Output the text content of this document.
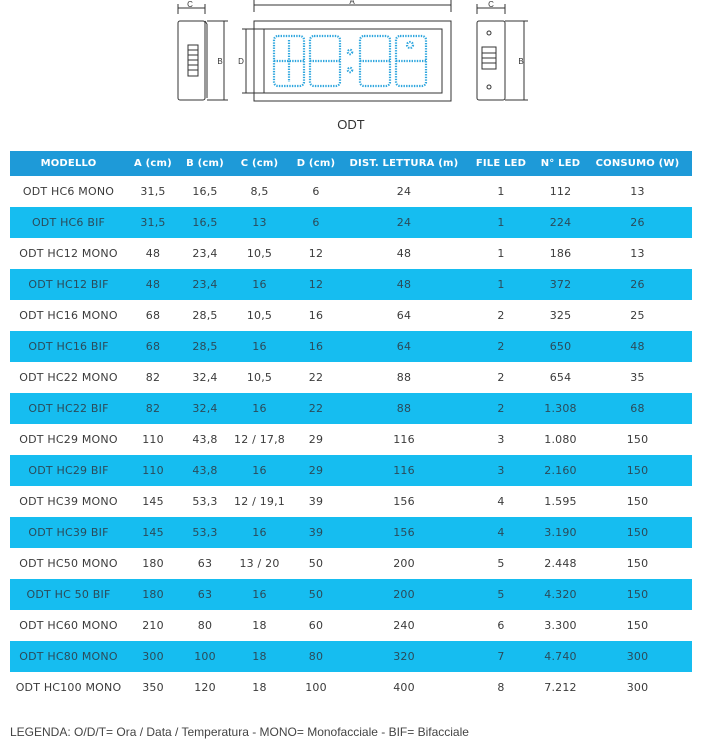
C	A	C
B D	B
ODT
MODELLO	A (cm)	B (cm)	C (cm)	D (cm)	DIST. LETTURA (m)	FILE LED	N° LED	CONSUMO (W)
ODT HC6 MONO	31,5	16,5	8,5	6	24	1	112	13
ODT HC6 BIF	31,5	16,5	13	6	24	1	224	26
ODT HC12 MONO	48	23,4	10,5	12	48	1	186	13
ODT HC12 BIF	48	23,4	16	12	48	1	372	26
ODT HC16 MONO	68	28,5	10,5	16	64	2	325	25
ODT HC16 BIF	68	28,5	16	16	64	2	650	48
ODT HC22 MONO	82	32,4	10,5	22	88	2	654	35
ODT HC22 BIF	82	32,4	16	22	88	2	1.308	68
ODT HC29 MONO	110	43,8	12 / 17,8	29	116	3	1.080	150
ODT HC29 BIF	110	43,8	16	29	116	3	2.160	150
ODT HC39 MONO	145	53,3	12 / 19,1	39	156	4	1.595	150
ODT HC39 BIF	145	53,3	16	39	156	4	3.190	150
ODT HC50 MONO	180	63	13 / 20	50	200	5	2.448	150
ODT HC 50 BIF	180	63	16	50	200	5	4.320	150
ODT HC60 MONO	210	80	18	60	240	6	3.300	150
ODT HC80 MONO	300	100	18	80	320	7	4.740	300
ODT HC100 MONO	350	120	18	100	400	8	7.212	300
LEGENDA: O/D/T= Ora / Data / Temperatura - MONO= Monofacciale - BIF= Bifacciale
